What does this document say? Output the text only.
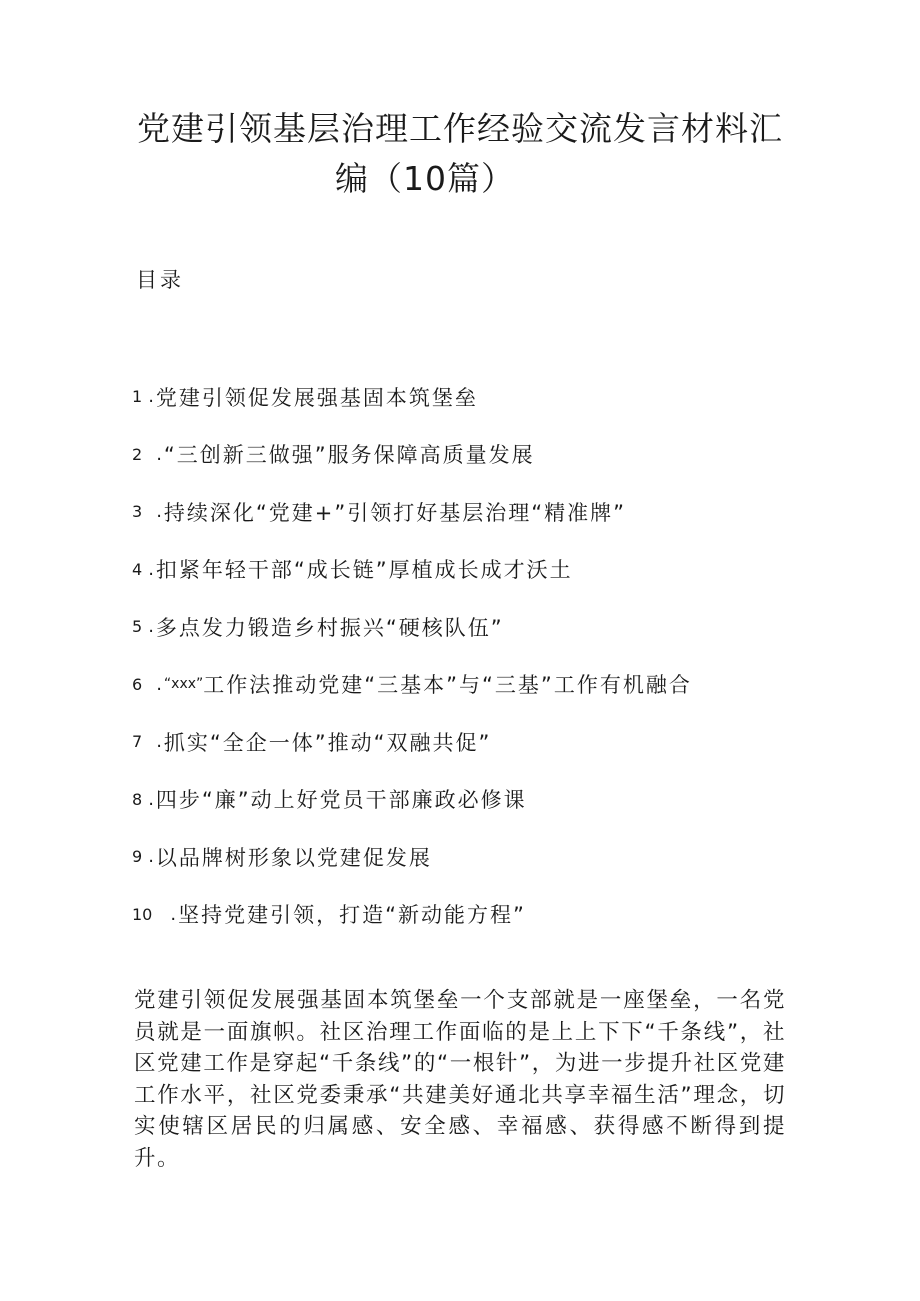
党建引领基层治理工作经验交流发言材料汇
编（10篇）
目录
1 . 党建引领促发展强基固本筑堡垒
2 . “三创新三做强”服务保障高质量发展
3 . 持续深化“党建+”引领打好基层治理“精准牌”
4 . 扣紧年轻干部“成长链”厚植成长成才沃土
5 . 多点发力锻造乡村振兴“硬核队伍”
6 . “xxx” 工作法推动党建“三基本”与“三基”工作有机融合
7 . 抓实“全企一体”推动“双融共促”
8 . 四步“廉”动上好党员干部廉政必修课
9 . 以品牌树形象以党建促发展
10 . 坚持党建引领，打造“新动能方程”

党建引领促发展强基固本筑堡垒一个支部就是一座堡垒，一名党员就是一面旗帜。社区治理工作面临的是上上下下“千条线”，社区党建工作是穿起“千条线”的“一根针”，为进一步提升社区党建工作水平，社区党委秉承“共建美好通北共享幸福生活”理念，切实使辖区居民的归属感、安全感、幸福感、获得感不断得到提升。
